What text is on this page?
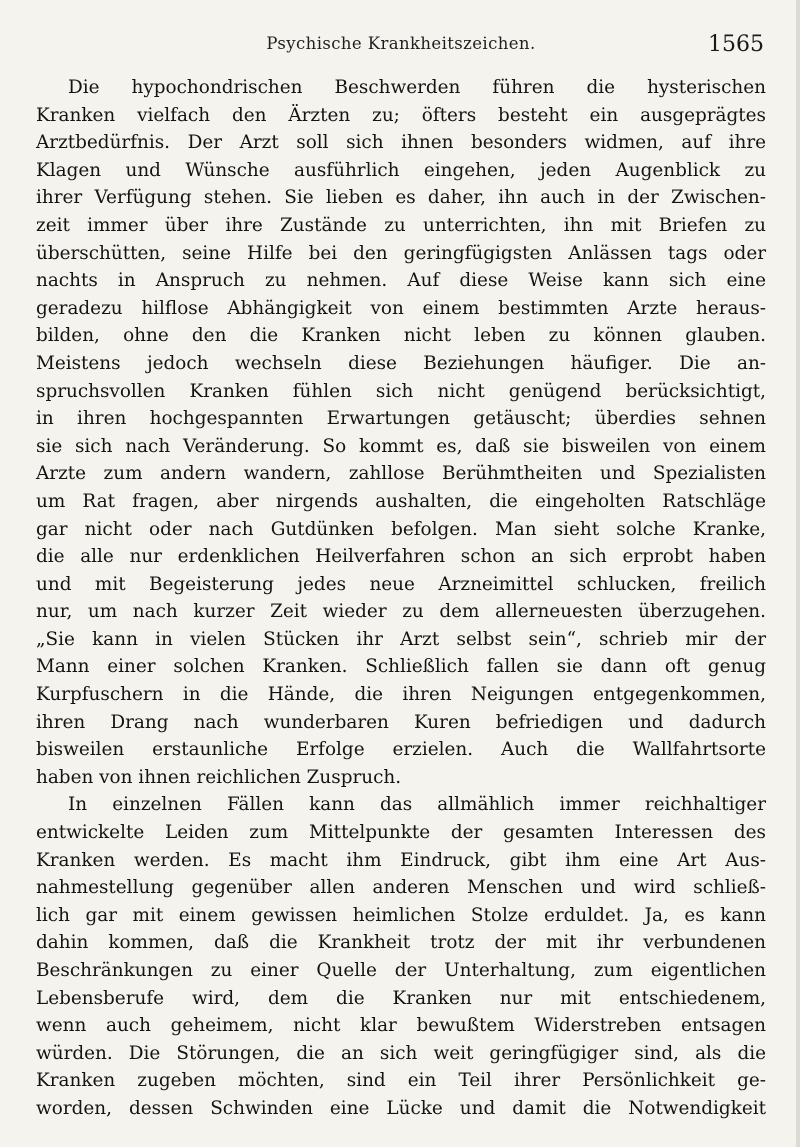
Psychische Krankheitszeichen.	1565
Die hypochondrischen Beschwerden führen die hysterischen
Kranken vielfach den Ärzten zu; öfters besteht ein ausgeprägtes
Arztbedürfnis. Der Arzt soll sich ihnen besonders widmen, auf ihre
Klagen und Wünsche ausführlich eingehen, jeden Augenblick zu
ihrer Verfügung stehen. Sie lieben es daher, ihn auch in der Zwischen-
zeit immer über ihre Zustände zu unterrichten, ihn mit Briefen zu
überschütten, seine Hilfe bei den geringfügigsten Anlässen tags oder
nachts in Anspruch zu nehmen. Auf diese Weise kann sich eine
geradezu hilflose Abhängigkeit von einem bestimmten Arzte heraus-
bilden, ohne den die Kranken nicht leben zu können glauben.
Meistens jedoch wechseln diese Beziehungen häufiger. Die an-
spruchsvollen Kranken fühlen sich nicht genügend berücksichtigt,
in ihren hochgespannten Erwartungen getäuscht; überdies sehnen
sie sich nach Veränderung. So kommt es, daß sie bisweilen von einem
Arzte zum andern wandern, zahllose Berühmtheiten und Spezialisten
um Rat fragen, aber nirgends aushalten, die eingeholten Ratschläge
gar nicht oder nach Gutdünken befolgen. Man sieht solche Kranke,
die alle nur erdenklichen Heilverfahren schon an sich erprobt haben
und mit Begeisterung jedes neue Arzneimittel schlucken, freilich
nur, um nach kurzer Zeit wieder zu dem allerneuesten überzugehen.
„Sie kann in vielen Stücken ihr Arzt selbst sein“, schrieb mir der
Mann einer solchen Kranken. Schließlich fallen sie dann oft genug
Kurpfuschern in die Hände, die ihren Neigungen entgegenkommen,
ihren Drang nach wunderbaren Kuren befriedigen und dadurch
bisweilen erstaunliche Erfolge erzielen. Auch die Wallfahrtsorte
haben von ihnen reichlichen Zuspruch.
In einzelnen Fällen kann das allmählich immer reichhaltiger
entwickelte Leiden zum Mittelpunkte der gesamten Interessen des
Kranken werden. Es macht ihm Eindruck, gibt ihm eine Art Aus-
nahmestellung gegenüber allen anderen Menschen und wird schließ-
lich gar mit einem gewissen heimlichen Stolze erduldet. Ja, es kann
dahin kommen, daß die Krankheit trotz der mit ihr verbundenen
Beschränkungen zu einer Quelle der Unterhaltung, zum eigentlichen
Lebensberufe wird, dem die Kranken nur mit entschiedenem,
wenn auch geheimem, nicht klar bewußtem Widerstreben entsagen
würden. Die Störungen, die an sich weit geringfügiger sind, als die
Kranken zugeben möchten, sind ein Teil ihrer Persönlichkeit ge-
worden, dessen Schwinden eine Lücke und damit die Notwendigkeit
